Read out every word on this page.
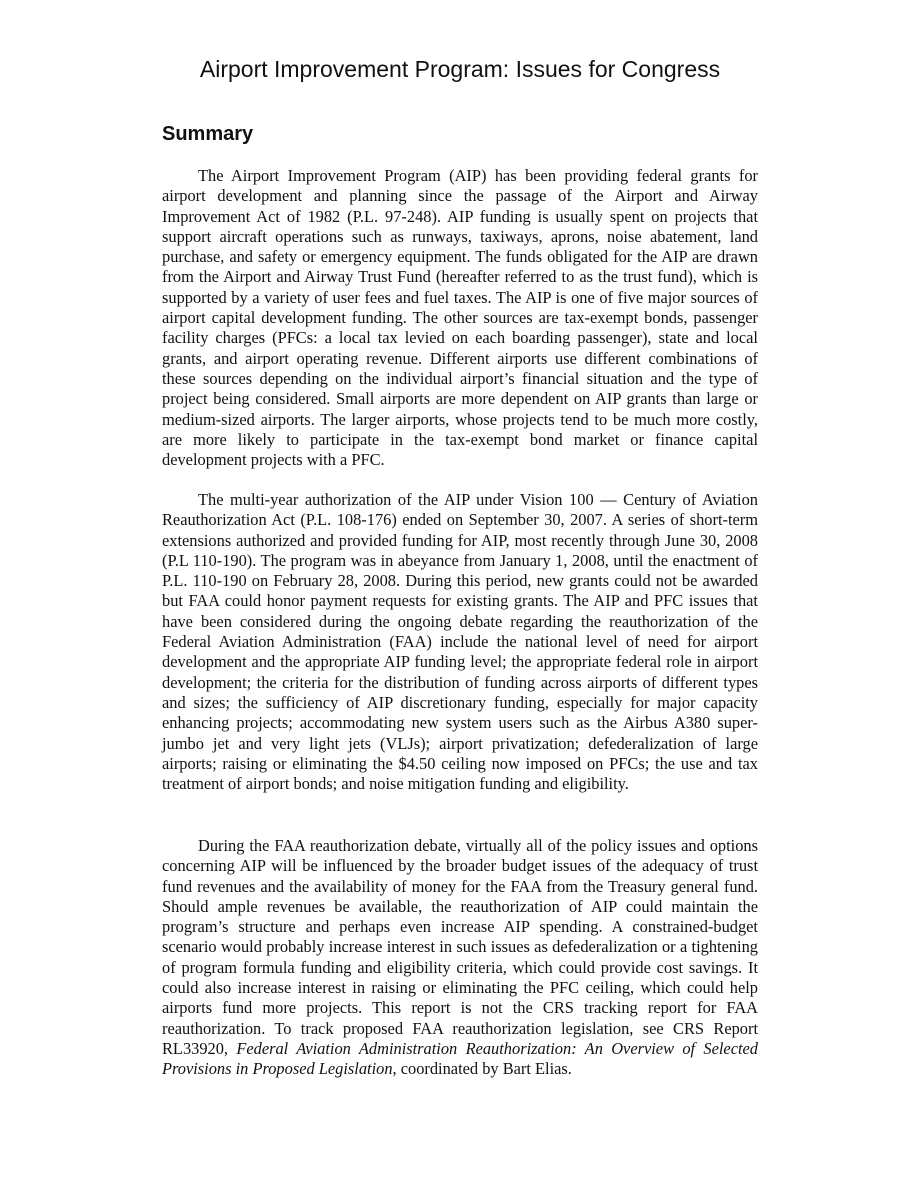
Airport Improvement Program: Issues for Congress
Summary

The Airport Improvement Program (AIP) has been providing federal grants for airport development and planning since the passage of the Airport and Airway Improvement Act of 1982 (P.L. 97-248). AIP funding is usually spent on projects that support aircraft operations such as runways, taxiways, aprons, noise abatement, land purchase, and safety or emergency equipment. The funds obligated for the AIP are drawn from the Airport and Airway Trust Fund (hereafter referred to as the trust fund), which is supported by a variety of user fees and fuel taxes. The AIP is one of five major sources of airport capital development funding. The other sources are tax-exempt bonds, passenger facility charges (PFCs: a local tax levied on each boarding passenger), state and local grants, and airport operating revenue. Different airports use different combinations of these sources depending on the individual airport’s financial situation and the type of project being considered. Small airports are more dependent on AIP grants than large or medium-sized airports. The larger airports, whose projects tend to be much more costly, are more likely to participate in the tax-exempt bond market or finance capital development projects with a PFC.

The multi-year authorization of the AIP under Vision 100 — Century of Aviation Reauthorization Act (P.L. 108-176) ended on September 30, 2007. A series of short-term extensions authorized and provided funding for AIP, most recently through June 30, 2008 (P.L 110-190). The program was in abeyance from January 1, 2008, until the enactment of P.L. 110-190 on February 28, 2008. During this period, new grants could not be awarded but FAA could honor payment requests for existing grants. The AIP and PFC issues that have been considered during the ongoing debate regarding the reauthorization of the Federal Aviation Administration (FAA) include the national level of need for airport development and the appropriate AIP funding level; the appropriate federal role in airport development; the criteria for the distribution of funding across airports of different types and sizes; the sufficiency of AIP discretionary funding, especially for major capacity enhancing projects; accommodating new system users such as the Airbus A380 super-jumbo jet and very light jets (VLJs); airport privatization; defederalization of large airports; raising or eliminating the $4.50 ceiling now imposed on PFCs; the use and tax treatment of airport bonds; and noise mitigation funding and eligibility.

During the FAA reauthorization debate, virtually all of the policy issues and options concerning AIP will be influenced by the broader budget issues of the adequacy of trust fund revenues and the availability of money for the FAA from the Treasury general fund. Should ample revenues be available, the reauthorization of AIP could maintain the program’s structure and perhaps even increase AIP spending. A constrained-budget scenario would probably increase interest in such issues as defederalization or a tightening of program formula funding and eligibility criteria, which could provide cost savings. It could also increase interest in raising or eliminating the PFC ceiling, which could help airports fund more projects. This report is not the CRS tracking report for FAA reauthorization. To track proposed FAA reauthorization legislation, see CRS Report RL33920, Federal Aviation Administration Reauthorization: An Overview of Selected Provisions in Proposed Legislation, coordinated by Bart Elias.
